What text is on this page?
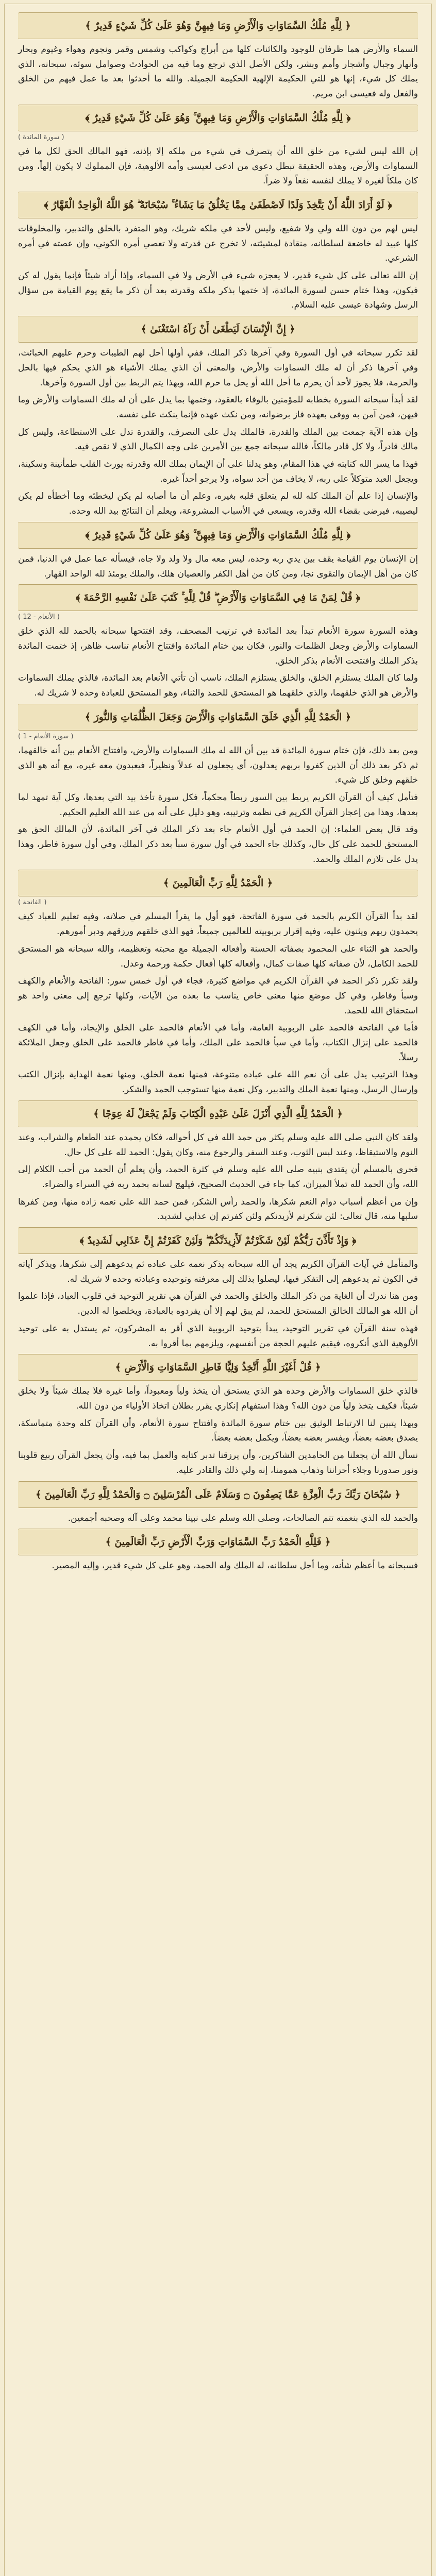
﴿ لِلَّهِ مُلْكُ السَّمَاوَاتِ وَالْأَرْضِ وَمَا فِيهِنَّ وَهُوَ عَلَىٰ كُلِّ شَيْءٍ قَدِيرٌ ﴾
السماء والأرض هما ظرفان للوجود والكائنات كلها من أبراج وكواكب وشمس وقمر ونجوم وهواء وغيوم وبحار وأنهار وجبال وأشجار وأمم وبشر، ولكن الأصل الذي ترجع وما فيه من الحوادث وصوامل سوئه، سبحانه، الذي يملك كل شيء، إنها هو للتي الحكيمة الإلهية الحكيمة الجميلة. والله ما أحدثوا بعد ما عمل فيهم من الخلق والفعل وله فعيسى ابن مريم.
﴿ لِلَّهِ مُلْكُ السَّمَاوَاتِ وَالْأَرْضِ وَمَا فِيهِنَّ ۚ وَهُوَ عَلَىٰ كُلِّ شَيْءٍ قَدِيرٌ ﴾
( سورة المائدة )
إن الله ليس لشيء من خلق الله أن يتصرف في شيء من ملكه إلا بإذنه، فهو المالك الحق لكل ما في السماوات والأرض، وهذه الحقيقة تبطل دعوى من ادعى لعيسى وأمه الألوهية، فإن المملوك لا يكون إلهاً، ومن كان ملكاً لغيره لا يملك لنفسه نفعاً ولا ضراً.
﴿ لَوْ أَرَادَ اللَّهُ أَنْ يَتَّخِذَ وَلَدًا لَاصْطَفَىٰ مِمَّا يَخْلُقُ مَا يَشَاءُ ۚ سُبْحَانَهُ ۖ هُوَ اللَّهُ الْوَاحِدُ الْقَهَّارُ ﴾
ليس لهم من دون الله ولي ولا شفيع، وليس لأحد في ملكه شريك، وهو المتفرد بالخلق والتدبير، والمخلوقات كلها عبيد له خاضعة لسلطانه، منقادة لمشيئته، لا تخرج عن قدرته ولا تعصي أمره الكوني، وإن عصته في أمره الشرعي.
إن الله تعالى على كل شيء قدير، لا يعجزه شيء في الأرض ولا في السماء، وإذا أراد شيئاً فإنما يقول له كن فيكون، وهذا ختام حسن لسورة المائدة، إذ ختمها بذكر ملكه وقدرته بعد أن ذكر ما يقع يوم القيامة من سؤال الرسل وشهادة عيسى عليه السلام.
﴿ إِنَّ الْإِنْسَانَ لَيَطْغَىٰ أَنْ رَآهُ اسْتَغْنَىٰ ﴾
لقد تكرر سبحانه في أول السورة وفي آخرها ذكر الملك، ففي أولها أحل لهم الطيبات وحرم عليهم الخبائث، وفي آخرها ذكر أن له ملك السماوات والأرض، والمعنى أن الذي يملك الأشياء هو الذي يحكم فيها بالحل والحرمة، فلا يجوز لأحد أن يحرم ما أحل الله أو يحل ما حرم الله، وبهذا يتم الربط بين أول السورة وآخرها.
لقد أبدأ سبحانه السورة بخطابه للمؤمنين بالوفاء بالعقود، وختمها بما يدل على أن له ملك السماوات والأرض وما فيهن، فمن آمن به ووفى بعهده فاز برضوانه، ومن نكث عهده فإنما ينكث على نفسه.
وإن هذه الآية جمعت بين الملك والقدرة، فالملك يدل على التصرف، والقدرة تدل على الاستطاعة، وليس كل مالك قادراً، ولا كل قادر مالكاً، فالله سبحانه جمع بين الأمرين على وجه الكمال الذي لا نقص فيه.
فهذا ما يسر الله كتابته في هذا المقام، وهو يدلنا على أن الإيمان بملك الله وقدرته يورث القلب طمأنينة وسكينة، ويجعل العبد متوكلاً على ربه، لا يخاف من أحد سواه، ولا يرجو أحداً غيره.
والإنسان إذا علم أن الملك كله لله لم يتعلق قلبه بغيره، وعلم أن ما أصابه لم يكن ليخطئه وما أخطأه لم يكن ليصيبه، فيرضى بقضاء الله وقدره، ويسعى في الأسباب المشروعة، ويعلم أن النتائج بيد الله وحده.
﴿ لِلَّهِ مُلْكُ السَّمَاوَاتِ وَالْأَرْضِ وَمَا فِيهِنَّ ۚ وَهُوَ عَلَىٰ كُلِّ شَيْءٍ قَدِيرٌ ﴾
إن الإنسان يوم القيامة يقف بين يدي ربه وحده، ليس معه مال ولا ولد ولا جاه، فيسأله عما عمل في الدنيا، فمن كان من أهل الإيمان والتقوى نجا، ومن كان من أهل الكفر والعصيان هلك، والملك يومئذ لله الواحد القهار.
﴿ قُلْ لِمَنْ مَا فِي السَّمَاوَاتِ وَالْأَرْضِ ۖ قُلْ لِلَّهِ ۚ كَتَبَ عَلَىٰ نَفْسِهِ الرَّحْمَةَ ﴾
( الأنعام - 12 )
وهذه السورة سورة الأنعام تبدأ بعد المائدة في ترتيب المصحف، وقد افتتحها سبحانه بالحمد لله الذي خلق السماوات والأرض وجعل الظلمات والنور، فكان بين ختام المائدة وافتتاح الأنعام تناسب ظاهر، إذ ختمت المائدة بذكر الملك وافتتحت الأنعام بذكر الخلق.
ولما كان الملك يستلزم الخلق، والخلق يستلزم الملك، ناسب أن تأتي الأنعام بعد المائدة، فالذي يملك السماوات والأرض هو الذي خلقهما، والذي خلقهما هو المستحق للحمد والثناء، وهو المستحق للعبادة وحده لا شريك له.
﴿ الْحَمْدُ لِلَّهِ الَّذِي خَلَقَ السَّمَاوَاتِ وَالْأَرْضَ وَجَعَلَ الظُّلُمَاتِ وَالنُّورَ ﴾
( سورة الأنعام - 1 )
ومن بعد ذلك، فإن ختام سورة المائدة قد بين أن الله له ملك السماوات والأرض، وافتتاح الأنعام بين أنه خالقهما، ثم ذكر بعد ذلك أن الذين كفروا بربهم يعدلون، أي يجعلون له عدلاً ونظيراً، فيعبدون معه غيره، مع أنه هو الذي خلقهم وخلق كل شيء.
فتأمل كيف أن القرآن الكريم يربط بين السور ربطاً محكماً، فكل سورة تأخذ بيد التي بعدها، وكل آية تمهد لما بعدها، وهذا من إعجاز القرآن الكريم في نظمه وترتيبه، وهو دليل على أنه من عند الله العليم الحكيم.
وقد قال بعض العلماء: إن الحمد في أول الأنعام جاء بعد ذكر الملك في آخر المائدة، لأن المالك الحق هو المستحق للحمد على كل حال، وكذلك جاء الحمد في أول سورة سبأ بعد ذكر الملك، وفي أول سورة فاطر، وهذا يدل على تلازم الملك والحمد.
﴿ الْحَمْدُ لِلَّهِ رَبِّ الْعَالَمِينَ ﴾
( الفاتحة )
لقد بدأ القرآن الكريم بالحمد في سورة الفاتحة، فهو أول ما يقرأ المسلم في صلاته، وفيه تعليم للعباد كيف يحمدون ربهم ويثنون عليه، وفيه إقرار بربوبيته للعالمين جميعاً، فهو الذي خلقهم ورزقهم ودبر أمورهم.
والحمد هو الثناء على المحمود بصفاته الحسنة وأفعاله الجميلة مع محبته وتعظيمه، والله سبحانه هو المستحق للحمد الكامل، لأن صفاته كلها صفات كمال، وأفعاله كلها أفعال حكمة ورحمة وعدل.
ولقد تكرر ذكر الحمد في القرآن الكريم في مواضع كثيرة، فجاء في أول خمس سور: الفاتحة والأنعام والكهف وسبأ وفاطر، وفي كل موضع منها معنى خاص يناسب ما بعده من الآيات، وكلها ترجع إلى معنى واحد هو استحقاق الله للحمد.
فأما في الفاتحة فالحمد على الربوبية العامة، وأما في الأنعام فالحمد على الخلق والإيجاد، وأما في الكهف فالحمد على إنزال الكتاب، وأما في سبأ فالحمد على الملك، وأما في فاطر فالحمد على الخلق وجعل الملائكة رسلاً.
وهذا الترتيب يدل على أن نعم الله على عباده متنوعة، فمنها نعمة الخلق، ومنها نعمة الهداية بإنزال الكتب وإرسال الرسل، ومنها نعمة الملك والتدبير، وكل نعمة منها تستوجب الحمد والشكر.
﴿ الْحَمْدُ لِلَّهِ الَّذِي أَنْزَلَ عَلَىٰ عَبْدِهِ الْكِتَابَ وَلَمْ يَجْعَلْ لَهُ عِوَجًا ﴾
ولقد كان النبي صلى الله عليه وسلم يكثر من حمد الله في كل أحواله، فكان يحمده عند الطعام والشراب، وعند النوم والاستيقاظ، وعند لبس الثوب، وعند السفر والرجوع منه، وكان يقول: الحمد لله على كل حال.
فحري بالمسلم أن يقتدي بنبيه صلى الله عليه وسلم في كثرة الحمد، وأن يعلم أن الحمد من أحب الكلام إلى الله، وأن الحمد لله تملأ الميزان، كما جاء في الحديث الصحيح، فيلهج لسانه بحمد ربه في السراء والضراء.
وإن من أعظم أسباب دوام النعم شكرها، والحمد رأس الشكر، فمن حمد الله على نعمه زاده منها، ومن كفرها سلبها منه، قال تعالى: لئن شكرتم لأزيدنكم ولئن كفرتم إن عذابي لشديد.
﴿ وَإِذْ تَأَذَّنَ رَبُّكُمْ لَئِنْ شَكَرْتُمْ لَأَزِيدَنَّكُمْ ۖ وَلَئِنْ كَفَرْتُمْ إِنَّ عَذَابِي لَشَدِيدٌ ﴾
والمتأمل في آيات القرآن الكريم يجد أن الله سبحانه يذكر نعمه على عباده ثم يدعوهم إلى شكرها، ويذكر آياته في الكون ثم يدعوهم إلى التفكر فيها، ليصلوا بذلك إلى معرفته وتوحيده وعبادته وحده لا شريك له.
ومن هنا ندرك أن الغاية من ذكر الملك والخلق والحمد في القرآن هي تقرير التوحيد في قلوب العباد، فإذا علموا أن الله هو المالك الخالق المستحق للحمد، لم يبق لهم إلا أن يفردوه بالعبادة، ويخلصوا له الدين.
فهذه سنة القرآن في تقرير التوحيد، يبدأ بتوحيد الربوبية الذي أقر به المشركون، ثم يستدل به على توحيد الألوهية الذي أنكروه، فيقيم عليهم الحجة من أنفسهم، ويلزمهم بما أقروا به.
﴿ قُلْ أَغَيْرَ اللَّهِ أَتَّخِذُ وَلِيًّا فَاطِرِ السَّمَاوَاتِ وَالْأَرْضِ ﴾
فالذي خلق السماوات والأرض وحده هو الذي يستحق أن يتخذ ولياً ومعبوداً، وأما غيره فلا يملك شيئاً ولا يخلق شيئاً، فكيف يتخذ ولياً من دون الله؟ وهذا استفهام إنكاري يقرر بطلان اتخاذ الأولياء من دون الله.
وبهذا يتبين لنا الارتباط الوثيق بين ختام سورة المائدة وافتتاح سورة الأنعام، وأن القرآن كله وحدة متماسكة، يصدق بعضه بعضاً، ويفسر بعضه بعضاً، ويكمل بعضه بعضاً.
نسأل الله أن يجعلنا من الحامدين الشاكرين، وأن يرزقنا تدبر كتابه والعمل بما فيه، وأن يجعل القرآن ربيع قلوبنا ونور صدورنا وجلاء أحزاننا وذهاب همومنا، إنه ولي ذلك والقادر عليه.
﴿ سُبْحَانَ رَبِّكَ رَبِّ الْعِزَّةِ عَمَّا يَصِفُونَ ۝ وَسَلَامٌ عَلَى الْمُرْسَلِينَ ۝ وَالْحَمْدُ لِلَّهِ رَبِّ الْعَالَمِينَ ﴾
والحمد لله الذي بنعمته تتم الصالحات، وصلى الله وسلم على نبينا محمد وعلى آله وصحبه أجمعين.
﴿ فَلِلَّهِ الْحَمْدُ رَبِّ السَّمَاوَاتِ وَرَبِّ الْأَرْضِ رَبِّ الْعَالَمِينَ ﴾
فسبحانه ما أعظم شأنه، وما أجل سلطانه، له الملك وله الحمد، وهو على كل شيء قدير، وإليه المصير.
